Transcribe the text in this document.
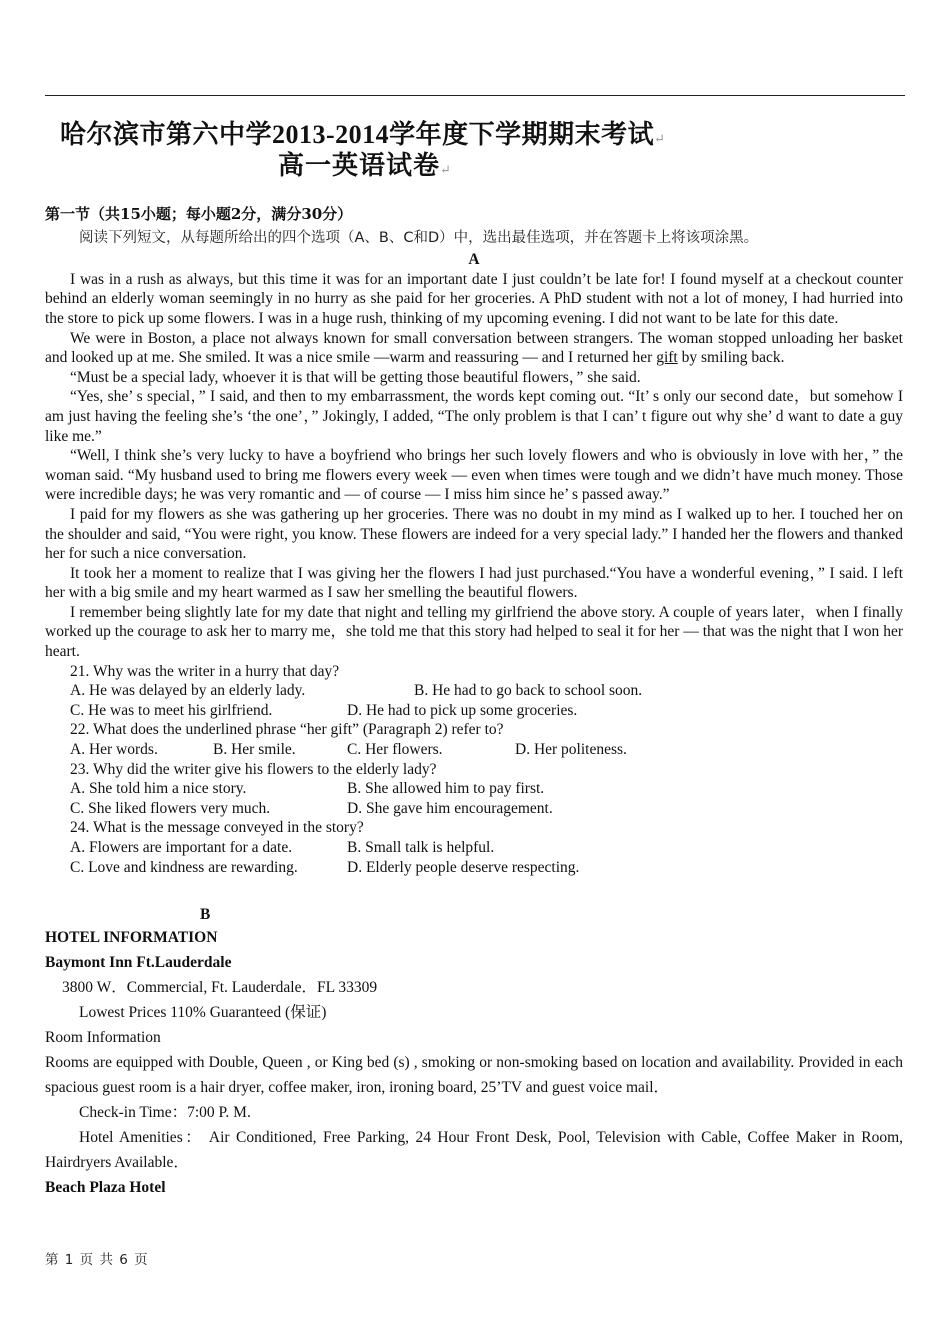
哈尔滨市第六中学2013-2014学年度下学期期末考试↵
高一英语试卷↵
第一节（共15小题；每小题2分，满分30分）
阅读下列短文，从每题所给出的四个选项（A、B、C和D）中，选出最佳选项，并在答题卡上将该项涂黑。
A

I was in a rush as always, but this time it was for an important date I just couldn’t be late for! I found myself at a checkout counter behind an elderly woman seemingly in no hurry as she paid for her groceries. A PhD student with not a lot of money, I had hurried into the store to pick up some flowers. I was in a huge rush, thinking of my upcoming evening. I did not want to be late for this date.

We were in Boston, a place not always known for small conversation between strangers. The woman stopped unloading her basket and looked up at me. She smiled. It was a nice smile —warm and reassuring — and I returned her gift by smiling back.

“Must be a special lady, whoever it is that will be getting those beautiful flowers，” she said.

“Yes, she’ s special，” I said, and then to my embarrassment, the words kept coming out. “It’ s only our second date，but somehow I am just having the feeling she’s ‘the one’，” Jokingly, I added, “The only problem is that I can’ t figure out why she’ d want to date a guy like me.”

“Well, I think she’s very lucky to have a boyfriend who brings her such lovely flowers and who is obviously in love with her，” the woman said. “My husband used to bring me flowers every week — even when times were tough and we didn’t have much money. Those were incredible days; he was very romantic and — of course — I miss him since he’ s passed away.”

I paid for my flowers as she was gathering up her groceries. There was no doubt in my mind as I walked up to her. I touched her on the shoulder and said, “You were right, you know. These flowers are indeed for a very special lady.” I handed her the flowers and thanked her for such a nice conversation.

It took her a moment to realize that I was giving her the flowers I had just purchased.“You have a wonderful evening，” I said. I left her with a big smile and my heart warmed as I saw her smelling the beautiful flowers.

I remember being slightly late for my date that night and telling my girlfriend the above story. A couple of years later，when I finally worked up the courage to ask her to marry me，she told me that this story had helped to seal it for her — that was the night that I won her heart.

21. Why was the writer in a hurry that day?
A. He was delayed by an elderly lady.	B. He had to go back to school soon.
C. He was to meet his girlfriend.	D. He had to pick up some groceries.
22. What does the underlined phrase “her gift” (Paragraph 2) refer to?
A. Her words.	B. Her smile.	C. Her flowers.	D. Her politeness.
23. Why did the writer give his flowers to the elderly lady?
A. She told him a nice story.	B. She allowed him to pay first.
C. She liked flowers very much.	D. She gave him encouragement.
24. What is the message conveyed in the story?
A. Flowers are important for a date.	B. Small talk is helpful.
C. Love and kindness are rewarding.	D. Elderly people deserve respecting.
B
HOTEL INFORMATION
Baymont Inn Ft.Lauderdale
3800 W．Commercial, Ft. Lauderdale．FL 33309
Lowest Prices 110% Guaranteed (保证)
Room Information

Rooms are equipped with Double, Queen , or King bed (s) , smoking or non-smoking based on location and availability. Provided in each spacious guest room is a hair dryer, coffee maker, iron, ironing board, 25’TV and guest voice mail．

Check-in Time：7:00 P. M.

Hotel Amenities： Air Conditioned, Free Parking, 24 Hour Front Desk, Pool, Television with Cable, Coffee Maker in Room, Hairdryers Available．

Beach Plaza Hotel
第 1 页 共 6 页
